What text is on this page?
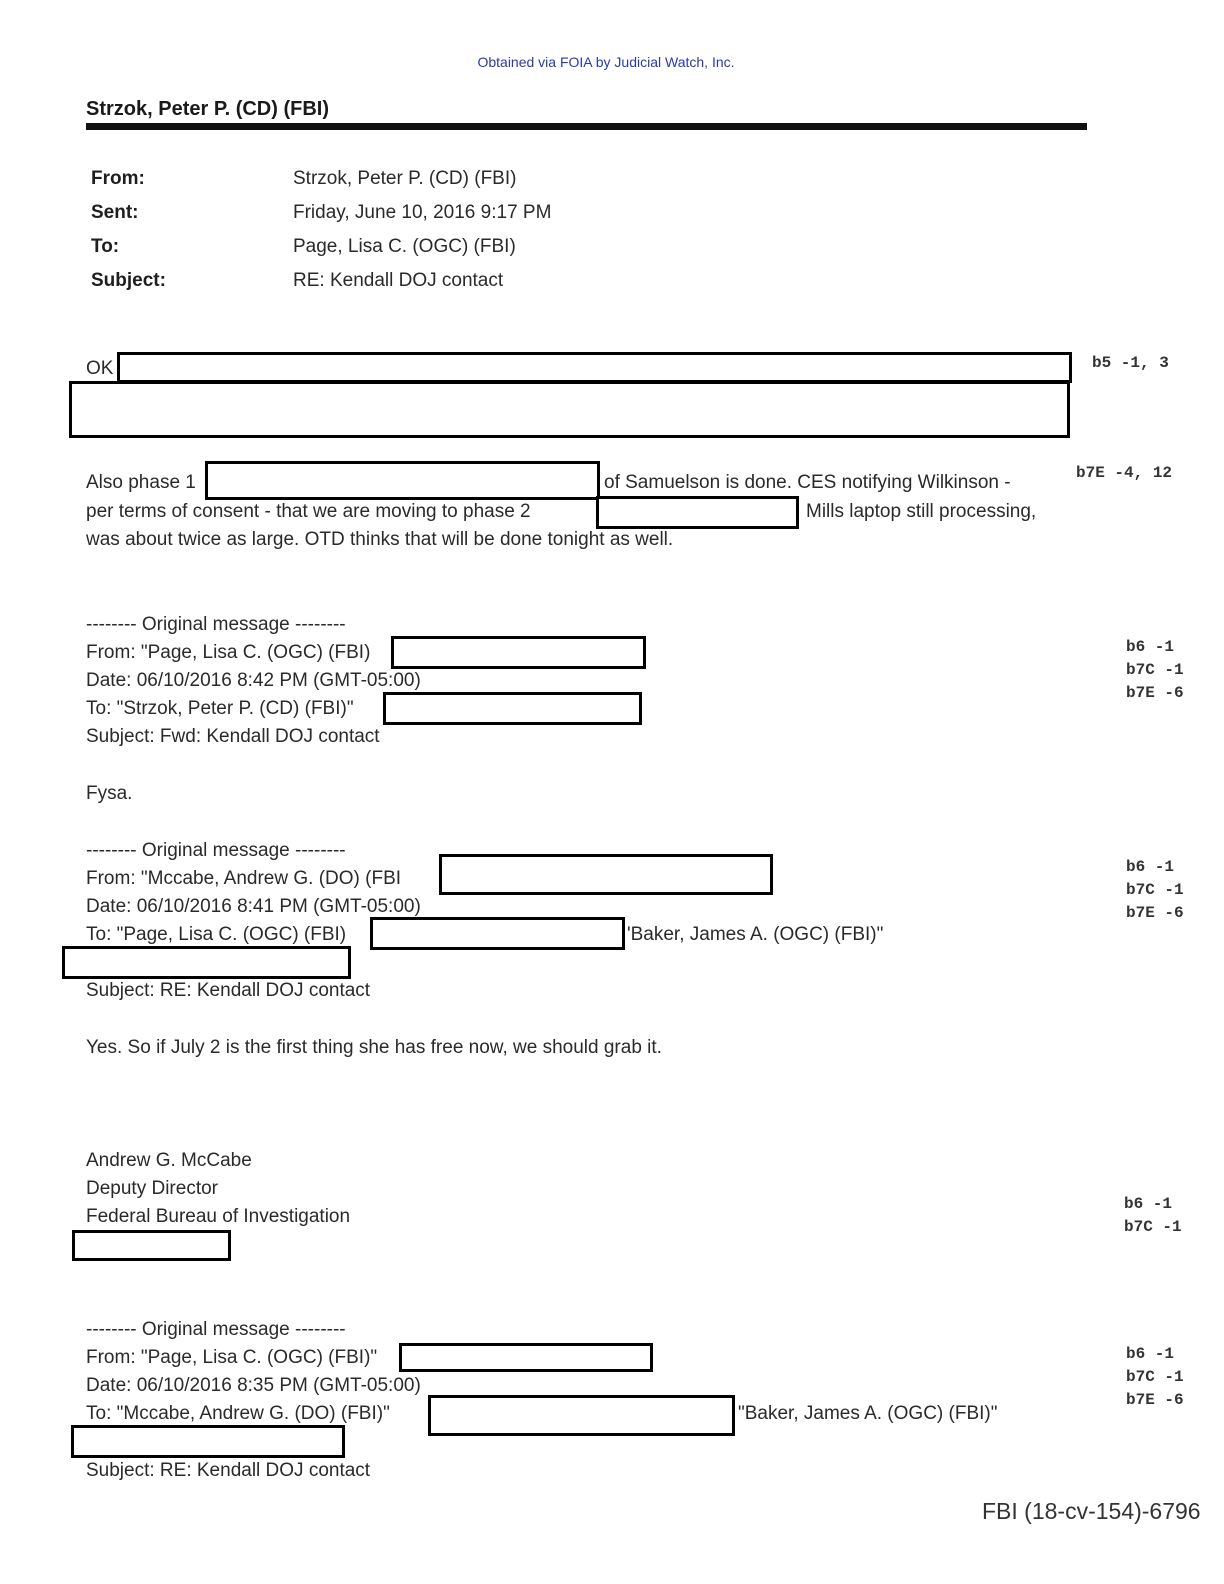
Obtained via FOIA by Judicial Watch, Inc.
Strzok, Peter P. (CD) (FBI)
From:	Strzok, Peter P. (CD) (FBI)
Sent:	Friday, June 10, 2016 9:17 PM
To:	Page, Lisa C. (OGC) (FBI)
Subject:	RE: Kendall DOJ contact
OK
Also phase 1	of Samuelson is done. CES notifying Wilkinson -
per terms of consent - that we are moving to phase 2	Mills laptop still processing,
was about twice as large. OTD thinks that will be done tonight as well.
-------- Original message --------
From: "Page, Lisa C. (OGC) (FBI)
Date: 06/10/2016 8:42 PM (GMT-05:00)
To: "Strzok, Peter P. (CD) (FBI)"
Subject: Fwd: Kendall DOJ contact
Fysa.
-------- Original message --------
From: "Mccabe, Andrew G. (DO) (FBI
Date: 06/10/2016 8:41 PM (GMT-05:00)
To: "Page, Lisa C. (OGC) (FBI)	'Baker, James A. (OGC) (FBI)"
Subject: RE: Kendall DOJ contact
Yes. So if July 2 is the first thing she has free now, we should grab it.
Andrew G. McCabe
Deputy Director
Federal Bureau of Investigation
-------- Original message --------
From: "Page, Lisa C. (OGC) (FBI)"
Date: 06/10/2016 8:35 PM (GMT-05:00)
To: "Mccabe, Andrew G. (DO) (FBI)"	"Baker, James A. (OGC) (FBI)"
Subject: RE: Kendall DOJ contact
b5 -1, 3
b7E -4, 12
b6 -1
b7C -1
b7E -6
b6 -1
b7C -1
b7E -6
b6 -1
b7C -1
b6 -1
b7C -1
b7E -6
FBI (18-cv-154)-6796
